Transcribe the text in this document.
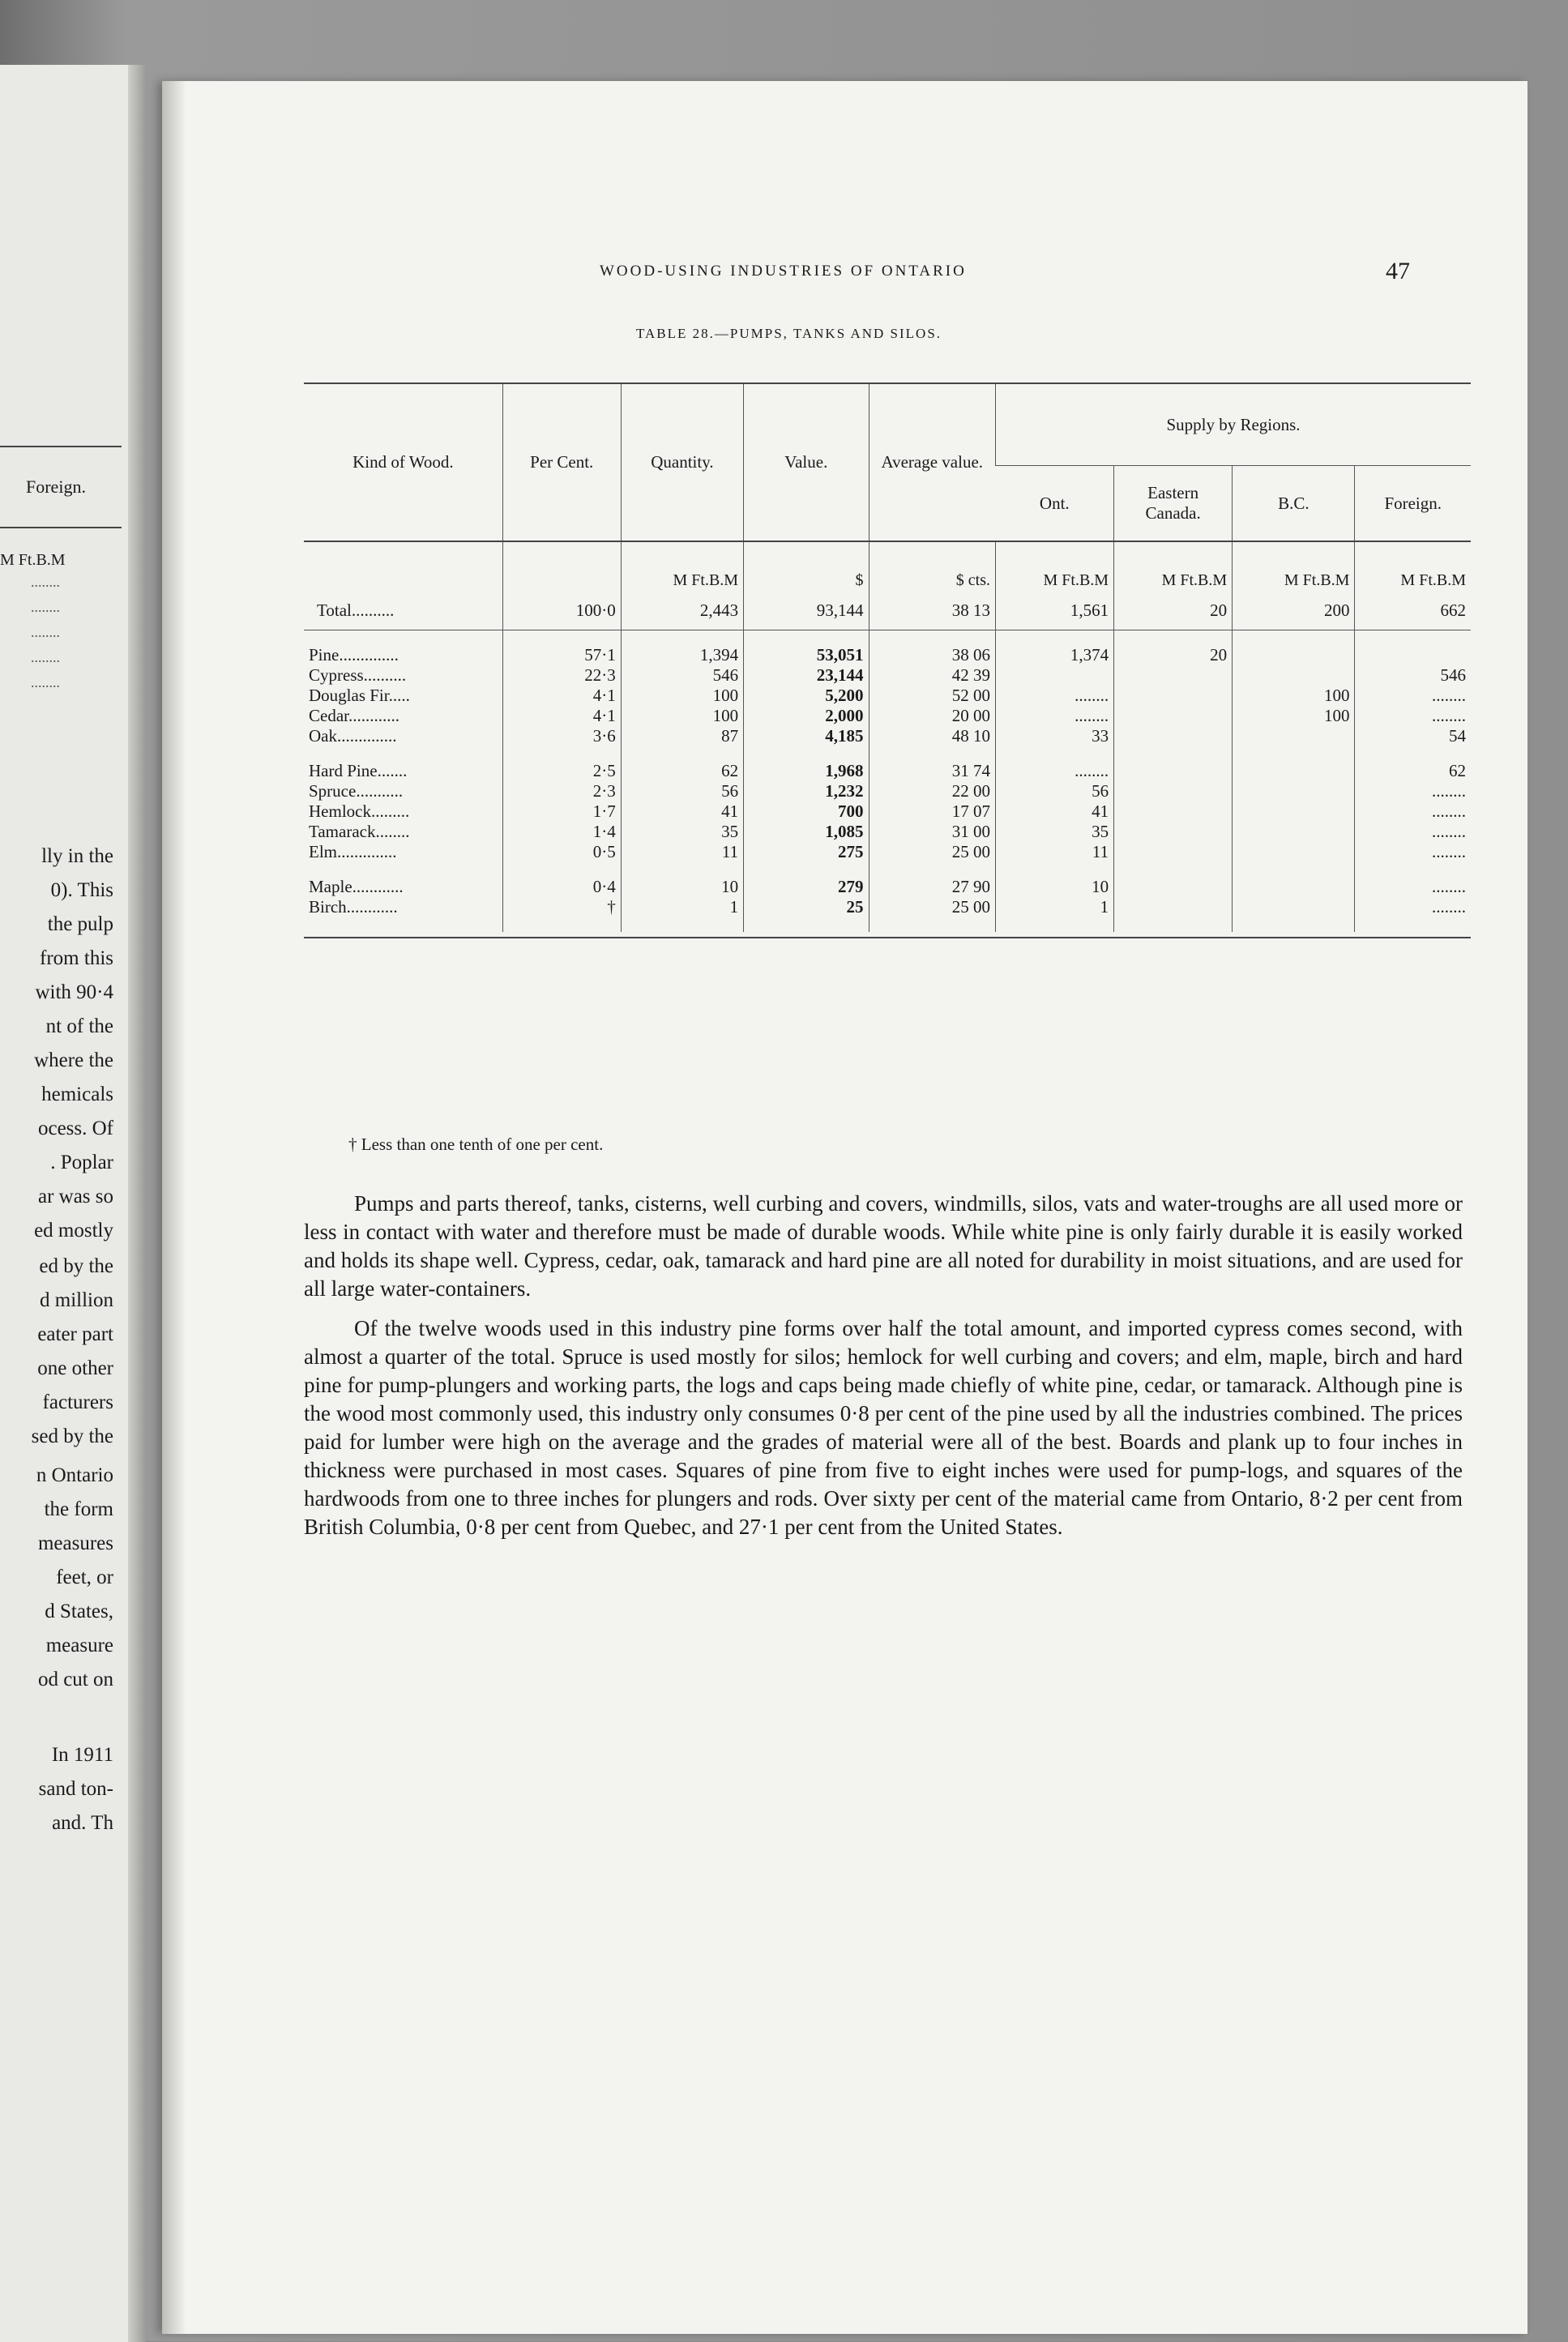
Foreign.
M Ft.B.M
........
........
........
........
........
lly in the
0). This
the pulp
from this
with 90·4
nt of the
where the
hemicals
ocess. Of
. Poplar
ar was so
ed mostly
ed by the
d million
eater part
one other
facturers
sed by the
n Ontario
the form
measures
feet, or
d States,
measure
od cut on
In 1911
sand ton-
and. Th
WOOD-USING INDUSTRIES OF ONTARIO	47
TABLE 28.—PUMPS, TANKS AND SILOS.
Kind of Wood.	Per Cent.	Quantity.	Value.	Average value.	Supply by Regions.			
					Ont.	Eastern Canada.	B.C.	Foreign.
		M Ft.B.M	$	$ cts.	M Ft.B.M	M Ft.B.M	M Ft.B.M	M Ft.B.M
Total..........	100·0	2,443	93,144	38 13	1,561	20	200	662

Pine..............	57·1	1,394	53,051	38 06	1,374	20		
Cypress..........	22·3	546	23,144	42 39				546
Douglas Fir.....	4·1	100	5,200	52 00	........		100	........
Cedar............	4·1	100	2,000	20 00	........		100	........
Oak..............	3·6	87	4,185	48 10	33			54

Hard Pine.......	2·5	62	1,968	31 74	........			62
Spruce...........	2·3	56	1,232	22 00	56			........
Hemlock.........	1·7	41	700	17 07	41			........
Tamarack........	1·4	35	1,085	31 00	35			........
Elm..............	0·5	11	275	25 00	11			........

Maple............	0·4	10	279	27 90	10			........
Birch............	†	1	25	25 00	1			........

† Less than one tenth of one per cent.

Pumps and parts thereof, tanks, cisterns, well curbing and covers, windmills, silos, vats and water-troughs are all used more or less in contact with water and therefore must be made of durable woods. While white pine is only fairly durable it is easily worked and holds its shape well. Cypress, cedar, oak, tamarack and hard pine are all noted for durability in moist situations, and are used for all large water-containers.

Of the twelve woods used in this industry pine forms over half the total amount, and imported cypress comes second, with almost a quarter of the total. Spruce is used mostly for silos; hemlock for well curbing and covers; and elm, maple, birch and hard pine for pump-plungers and working parts, the logs and caps being made chiefly of white pine, cedar, or tamarack. Although pine is the wood most commonly used, this industry only consumes 0·8 per cent of the pine used by all the industries combined. The prices paid for lumber were high on the average and the grades of material were all of the best. Boards and plank up to four inches in thickness were purchased in most cases. Squares of pine from five to eight inches were used for pump-logs, and squares of the hardwoods from one to three inches for plungers and rods. Over sixty per cent of the material came from Ontario, 8·2 per cent from British Columbia, 0·8 per cent from Quebec, and 27·1 per cent from the United States.
